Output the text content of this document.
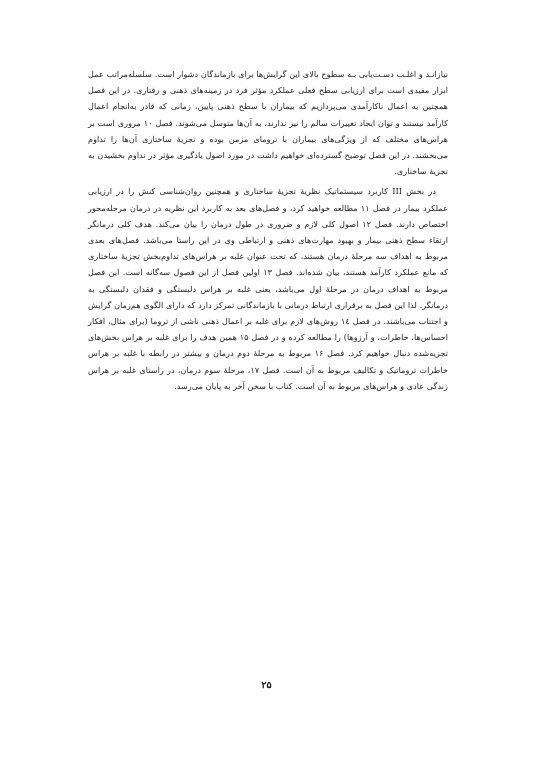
نیازانـد و اغلـب دسـت‌یابی بـه سطوح بالای این گرایش‌ها برای بازماندگان دشوار است. سلسله‌مراتب عمل ابزار مفیدی است برای ارزیابی سطح فعلی عملکرد مؤثر فرد در زمینه‌های ذهنی و رفتاری. در این فصل همچنین به اعمال ناکارآمدی می‌پردازیم که بیماران با سطح ذهنی پایین، زمانی که قادر به‌انجام اعمال کارآمد نیستند و توان ایجاد تغییرات سالم را نیز ندارند، به آن‌ها متوسل می‌شوند. فصل ۱۰ مروری است بر هراس‌های مختلف که از ویژگی‌های بیماران با ترومای مزمن بوده و تجزیهٔ ساختاری آن‌ها را تداوم می‌بخشند. در این فصل توضیح گسترده‌ای خواهیم داشت در مورد اصول یادگیری مؤثر در تداوم بخشیدن به تجزیهٔ ساختاری.

در بخش III کاربرد سیستماتیک نظریهٔ تجزیهٔ ساختاری و همچنین روان‌شناسی کنش را در ارزیابی عملکرد بیمار در فصل ۱۱ مطالعه خواهید کرد، و فصل‌های بعد به کاربرد این نظریه در درمان مرحله‌محور اختصاص دارند. فصل ۱۲ اصول کلی لازم و ضروری در طول درمان را بیان می‌کند. هدف کلی درمانگر ارتقاء سطح ذهنی بیمار و بهبود مهارت‌های ذهنی و ارتباطی وی در این راستا می‌باشد. فصل‌های بعدی مربوط به اهداف سه مرحلهٔ درمان هستند، که تحت عنوان غلبه بر هراس‌های تداوم‌بخش تجزیهٔ ساختاری که مانع عملکرد کارآمد هستند، بیان شده‌اند. فصل ۱۳ اولین فصل از این فصول سه‌گانه است. این فصل مربوط به اهداف درمان در مرحلهٔ اول می‌باشد، یعنی غلبه بر هراس دلبستگی و فقدان دلبستگی به درمانگر. لذا این فصل به برقراری ارتباط درمانی با بازماندگانی تمرکز دارد که دارای الگوی هم‌زمان گرایش و اجتناب می‌باشند. در فصل ۱٤ روش‌های لازم برای غلبه بر اعمال ذهنی ناشی از تروما (برای مثال، افکار احساس‌ها، خاطرات، و آرزوها) را مطالعه کرده و در فصل ۱۵ همین هدف را برای غلبه بر هراس بخش‌های تجزیه‌شده دنبال خواهیم کرد. فصل ۱۶ مربوط به مرحلهٔ دوم درمان و بیشتر در رابطه با غلبه بر هراس خاطرات تروماتیک و تکالیف مربوط به آن است. فصل ۱۷، مرحلهٔ سوم درمان، در راستای غلبه بر هراس زندگی عادی و هراس‌های مربوط به آن است. کتاب با سخن آخر به پایان می‌رسد.

۲۵
